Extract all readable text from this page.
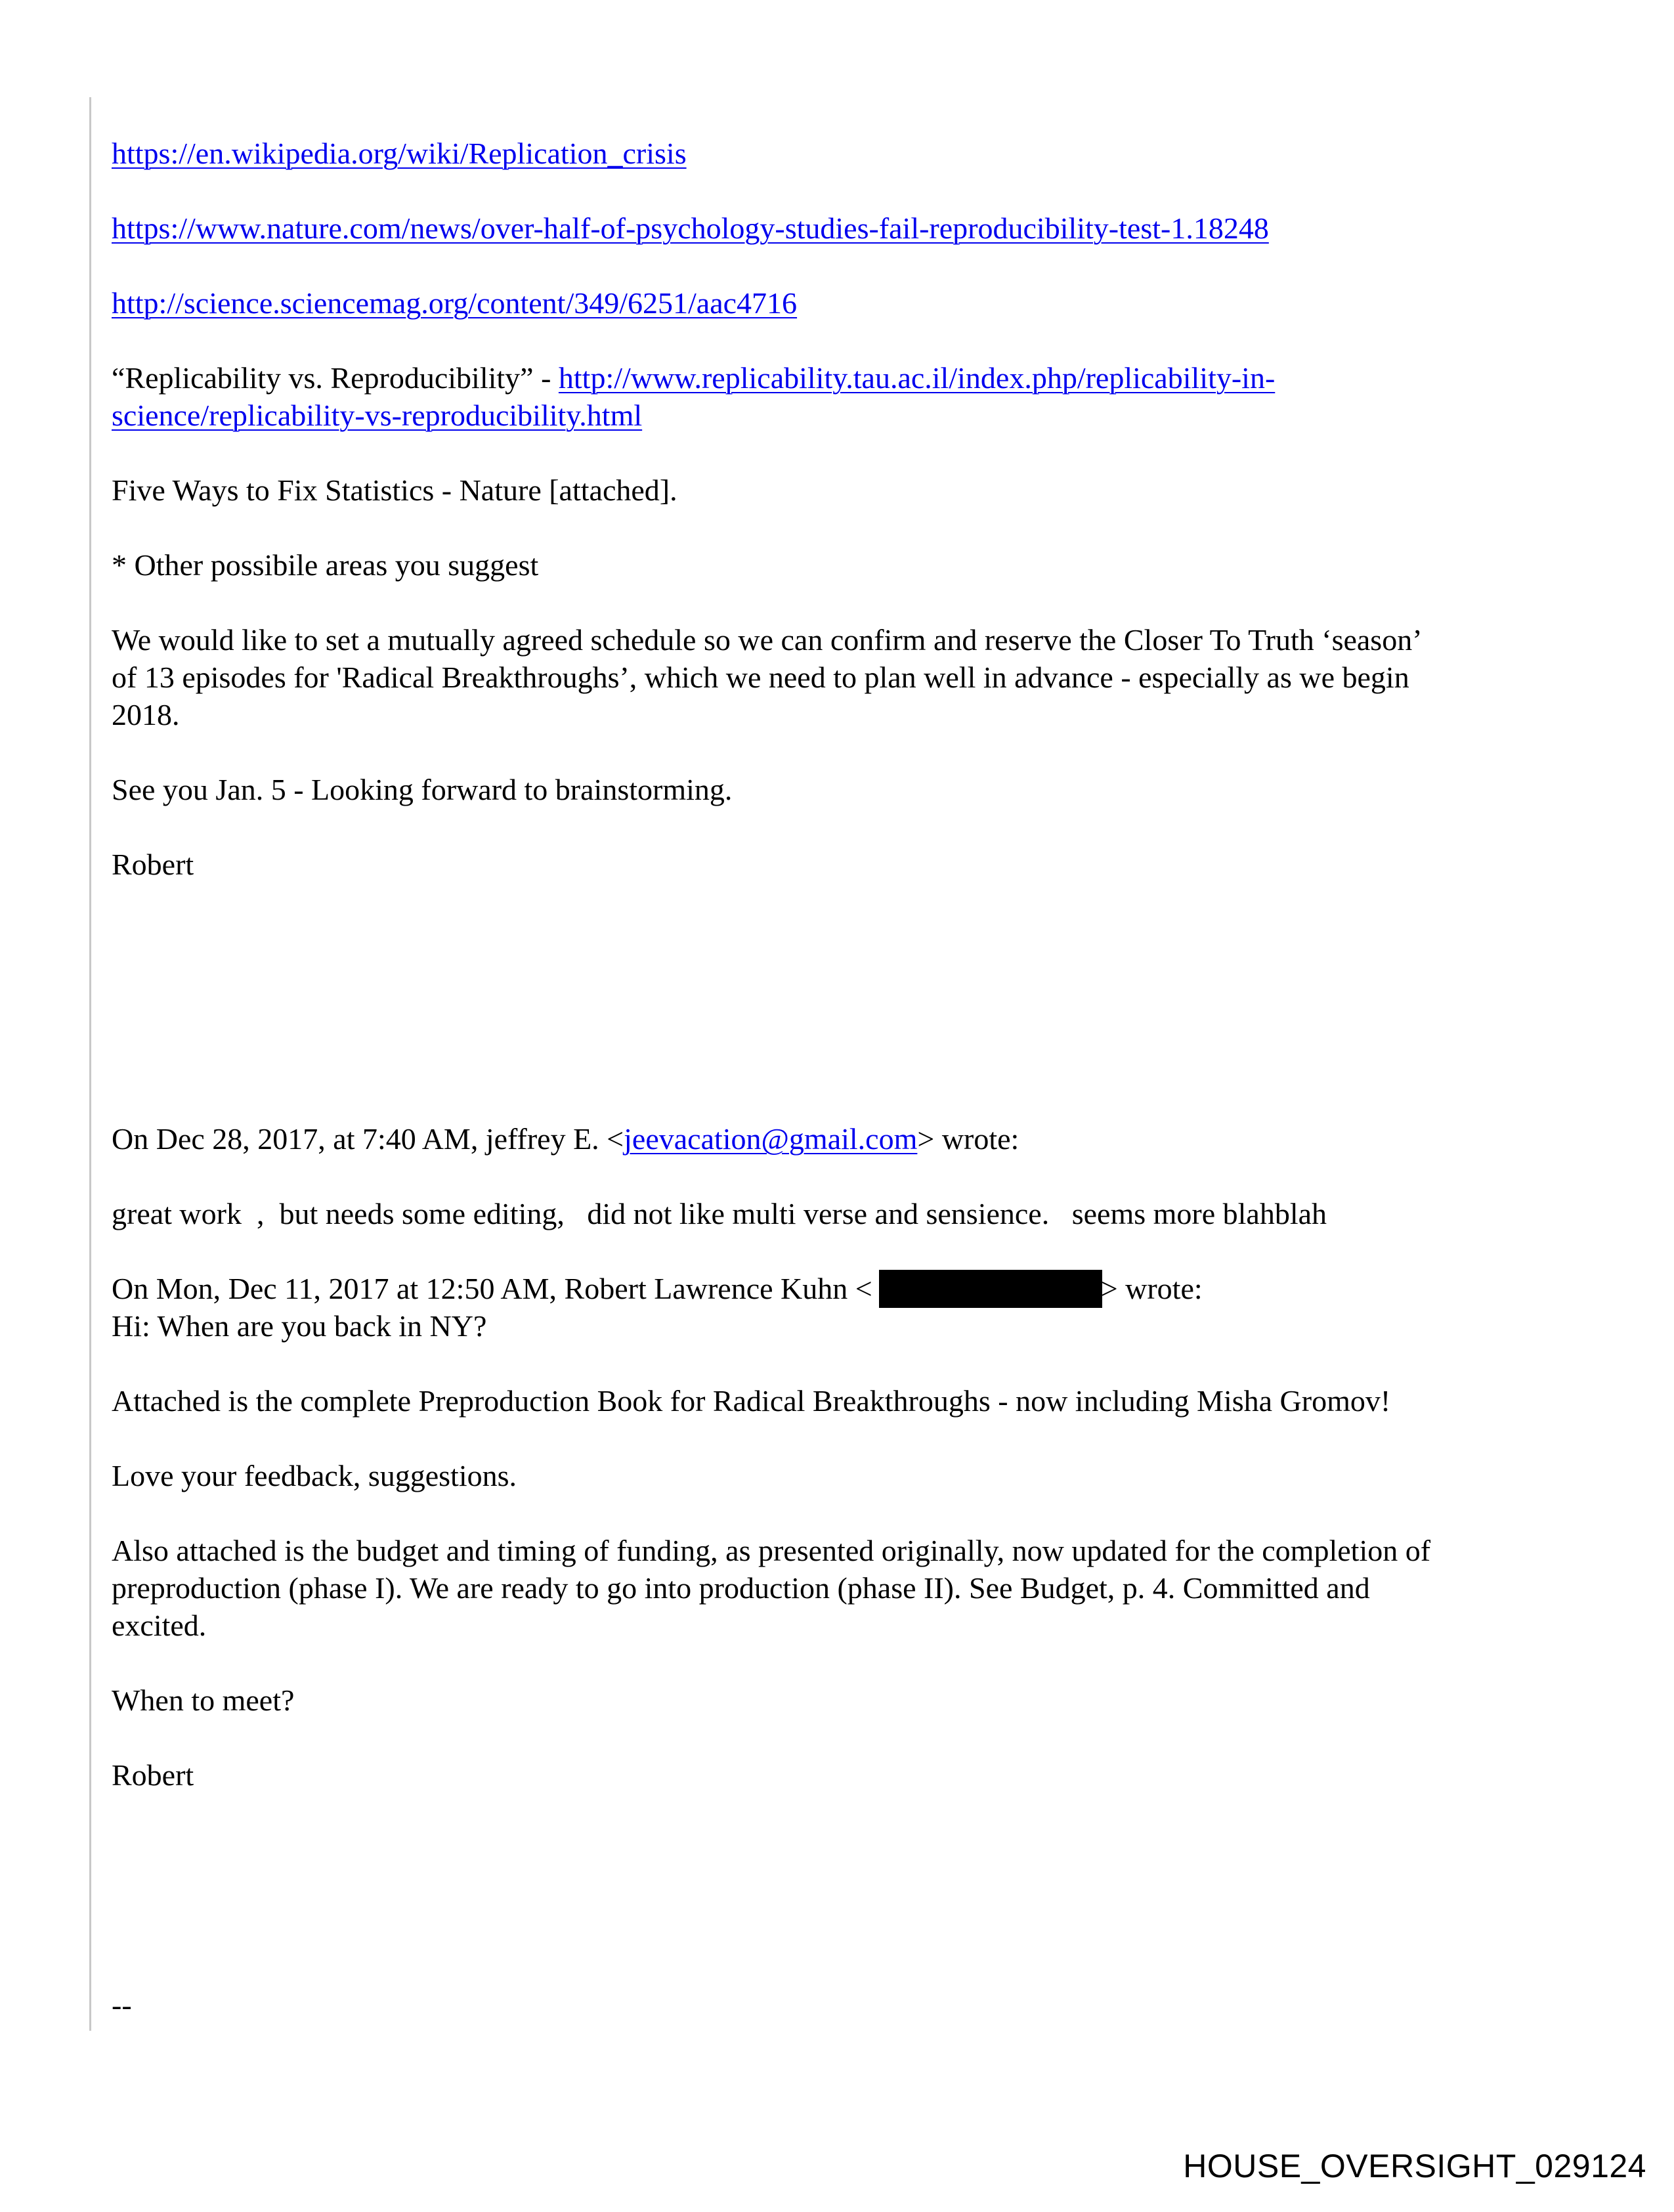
https://en.wikipedia.org/wiki/Replication_crisis
https://www.nature.com/news/over-half-of-psychology-studies-fail-reproducibility-test-1.18248
http://science.sciencemag.org/content/349/6251/aac4716
“Replicability vs. Reproducibility” - http://www.replicability.tau.ac.il/index.php/replicability-in-
science/replicability-vs-reproducibility.html
Five Ways to Fix Statistics - Nature [attached].
* Other possibile areas you suggest
We would like to set a mutually agreed schedule so we can confirm and reserve the Closer To Truth ‘season’
of 13 episodes for 'Radical Breakthroughs’, which we need to plan well in advance - especially as we begin
2018.
See you Jan. 5 - Looking forward to brainstorming.
Robert
On Dec 28, 2017, at 7:40 AM, jeffrey E. <jeevacation@gmail.com> wrote:
great work  ,  but needs some editing,   did not like multi verse and sensience.   seems more blahblah
On Mon, Dec 11, 2017 at 12:50 AM, Robert Lawrence Kuhn <	> wrote:
Hi: When are you back in NY?
Attached is the complete Preproduction Book for Radical Breakthroughs - now including Misha Gromov!
Love your feedback, suggestions.
Also attached is the budget and timing of funding, as presented originally, now updated for the completion of
preproduction (phase I). We are ready to go into production (phase II). See Budget, p. 4. Committed and
excited.
When to meet?
Robert
--
HOUSE_OVERSIGHT_029124
